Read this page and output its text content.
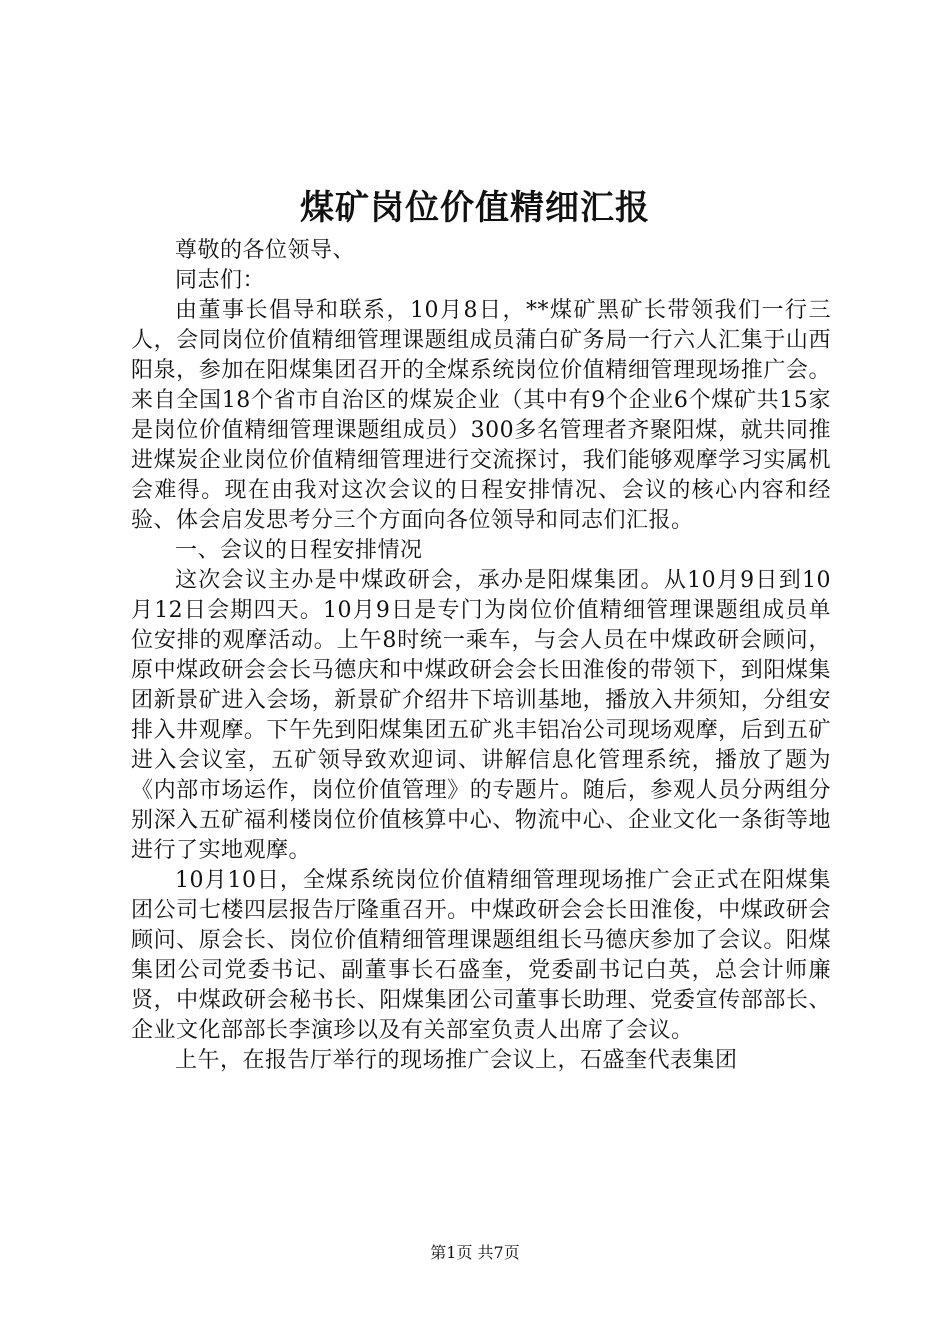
煤矿岗位价值精细汇报

尊敬的各位领导、

同志们：

由董事长倡导和联系，10月8日，**煤矿黑矿长带领我们一行三人，会同岗位价值精细管理课题组成员蒲白矿务局一行六人汇集于山西阳泉，参加在阳煤集团召开的全煤系统岗位价值精细管理现场推广会。来自全国18个省市自治区的煤炭企业（其中有9个企业6个煤矿共15家是岗位价值精细管理课题组成员）300多名管理者齐聚阳煤，就共同推进煤炭企业岗位价值精细管理进行交流探讨，我们能够观摩学习实属机会难得。现在由我对这次会议的日程安排情况、会议的核心内容和经验、体会启发思考分三个方面向各位领导和同志们汇报。

一、会议的日程安排情况

这次会议主办是中煤政研会，承办是阳煤集团。从10月9日到10月12日会期四天。10月9日是专门为岗位价值精细管理课题组成员单位安排的观摩活动。上午8时统一乘车，与会人员在中煤政研会顾问，原中煤政研会会长马德庆和中煤政研会会长田淮俊的带领下，到阳煤集团新景矿进入会场，新景矿介绍井下培训基地，播放入井须知，分组安排入井观摩。下午先到阳煤集团五矿兆丰铝冶公司现场观摩，后到五矿进入会议室，五矿领导致欢迎词、讲解信息化管理系统，播放了题为《内部市场运作，岗位价值管理》的专题片。随后，参观人员分两组分别深入五矿福利楼岗位价值核算中心、物流中心、企业文化一条街等地进行了实地观摩。

10月10日，全煤系统岗位价值精细管理现场推广会正式在阳煤集团公司七楼四层报告厅隆重召开。中煤政研会会长田淮俊，中煤政研会顾问、原会长、岗位价值精细管理课题组组长马德庆参加了会议。阳煤集团公司党委书记、副董事长石盛奎，党委副书记白英，总会计师廉贤，中煤政研会秘书长、阳煤集团公司董事长助理、党委宣传部部长、企业文化部部长李演珍以及有关部室负责人出席了会议。

上午，在报告厅举行的现场推广会议上，石盛奎代表集团

第1页 共7页
